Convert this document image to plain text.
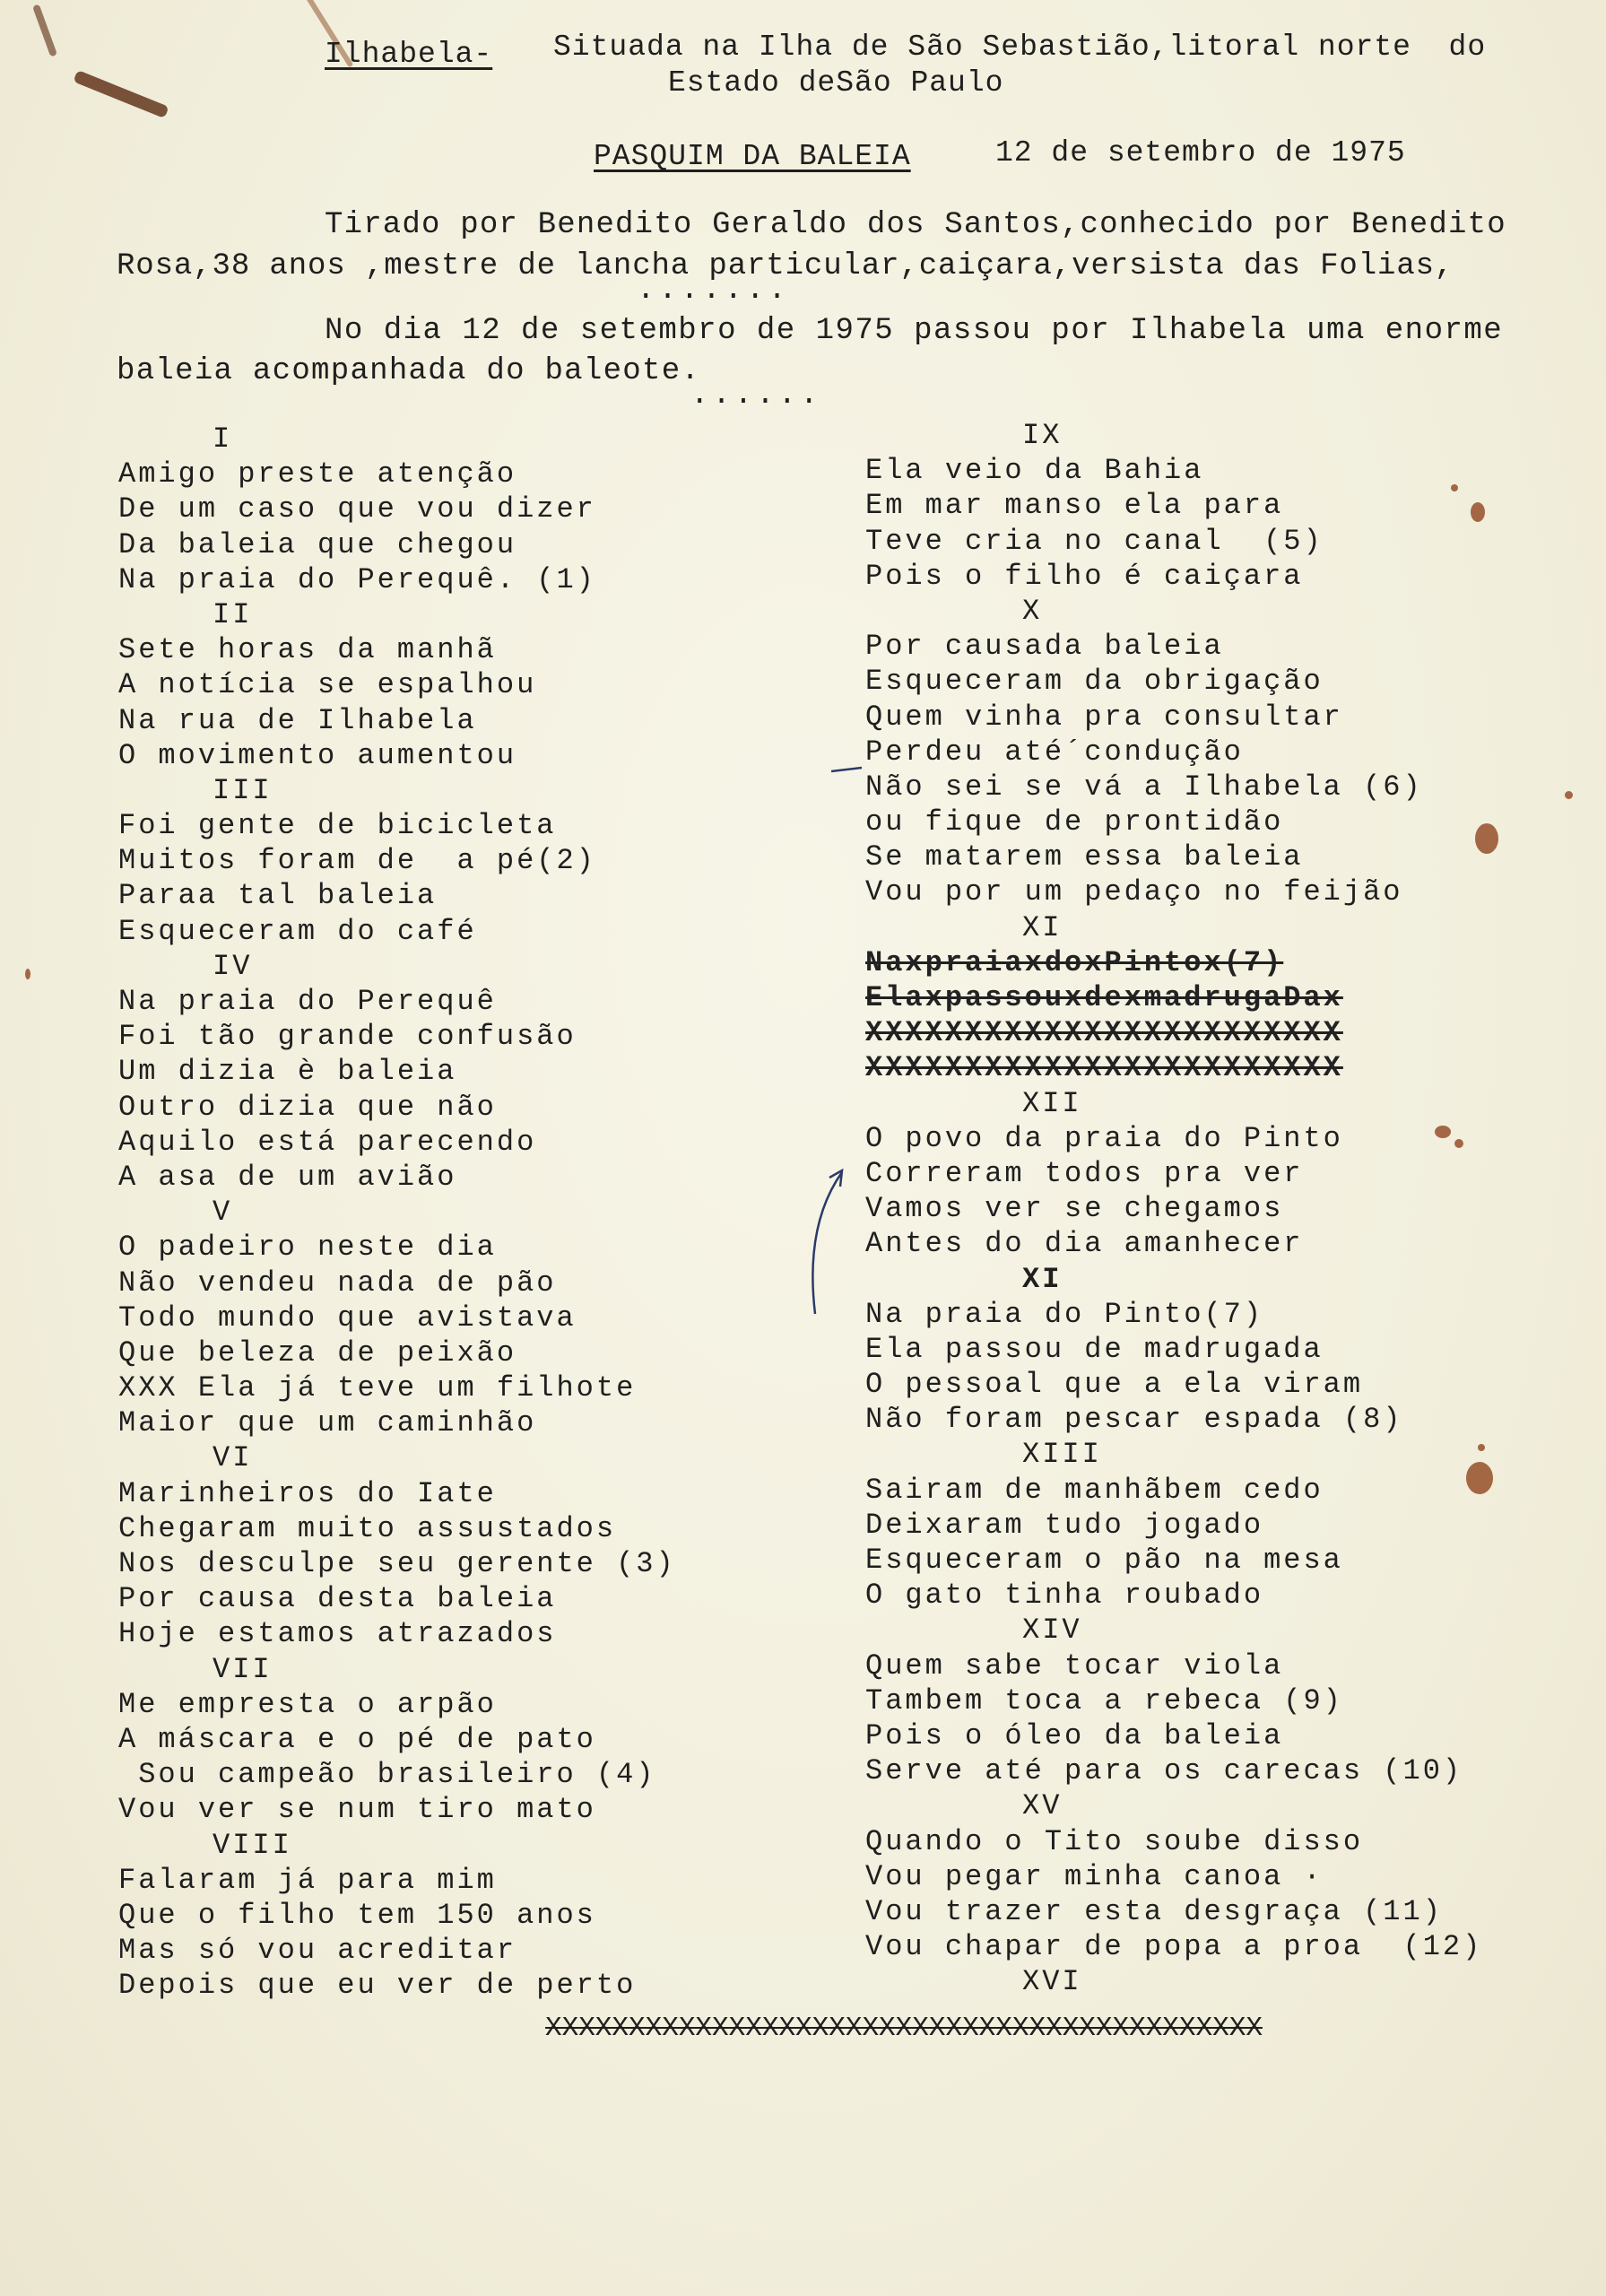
Ilhabela- Situada na Ilha de São Sebastião,litoral norte  do
Estado deSão Paulo
PASQUIM DA BALEIA	12 de setembro de 1975
Tirado por Benedito Geraldo dos Santos,conhecido por Benedito
Rosa,38 anos ,mestre de lancha particular,caiçara,versista das Folias,
.......
No dia 12 de setembro de 1975 passou por Ilhabela uma enorme
baleia acompanhada do baleote.
......
I
Amigo preste atenção
De um caso que vou dizer
Da baleia que chegou
Na praia do Perequê. (1)
II
Sete horas da manhã
A notícia se espalhou
Na rua de Ilhabela
O movimento aumentou
III
Foi gente de bicicleta
Muitos foram de  a pé(2)
Paraa tal baleia
Esqueceram do café
IV
Na praia do Perequê
Foi tão grande confusão
Um dizia è baleia
Outro dizia que não
Aquilo está parecendo
A asa de um avião
V
O padeiro neste dia
Não vendeu nada de pão
Todo mundo que avistava
Que beleza de peixão
XXX Ela já teve um filhote
Maior que um caminhão
VI
Marinheiros do Iate
Chegaram muito assustados
Nos desculpe seu gerente (3)
Por causa desta baleia
Hoje estamos atrazados
VII
Me empresta o arpão
A máscara e o pé de pato
Sou campeão brasileiro (4)
Vou ver se num tiro mato
VIII
Falaram já para mim
Que o filho tem 150 anos
Mas só vou acreditar
Depois que eu ver de perto
IX
Ela veio da Bahia
Em mar manso ela para
Teve cria no canal  (5)
Pois o filho é caiçara
X
Por causada baleia
Esqueceram da obrigação
Quem vinha pra consultar
Perdeu até´condução
Não sei se vá a Ilhabela (6)
ou fique de prontidão
Se matarem essa baleia
Vou por um pedaço no feijão
XI
NaxpraiaxdoxPintox(7)
ElaxpassouxdexmadrugaDax
XXXXXXXXXXXXXXXXXXXXXXXX
XXXXXXXXXXXXXXXXXXXXXXXX
XII
O povo da praia do Pinto
Correram todos pra ver
Vamos ver se chegamos
Antes do dia amanhecer
XI
Na praia do Pinto(7)
Ela passou de madrugada
O pessoal que a ela viram
Não foram pescar espada (8)
XIII
Sairam de manhãbem cedo
Deixaram tudo jogado
Esqueceram o pão na mesa
O gato tinha roubado
XIV
Quem sabe tocar viola
Tambem toca a rebeca (9)
Pois o óleo da baleia
Serve até para os carecas (10)
XV
Quando o Tito soube disso
Vou pegar minha canoa ·
Vou trazer esta desgraça (11)
Vou chapar de popa a proa  (12)
XVI
XXXXXXXXXXXXXXXXXXXXXXXXXXXXXXXXXXXXXXXXXXX
